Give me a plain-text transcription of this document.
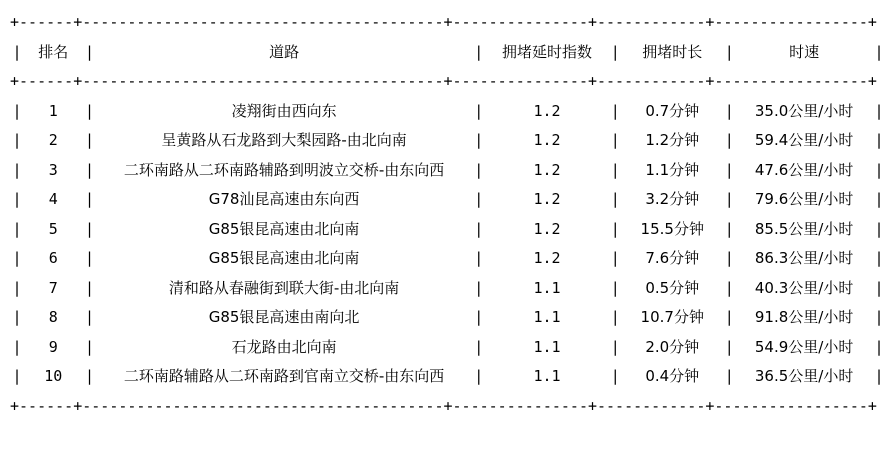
+------+----------------------------------------+---------------+------------+-----------------+
|	排名	|	道路	|	拥堵延时指数	|	拥堵时长	|	时速	|
+------+----------------------------------------+---------------+------------+-----------------+
|	1	|	凌翔街由西向东	|	1.2	|	0.7分钟	|	35.0公里/小时	|
|	2	|	呈黄路从石龙路到大梨园路-由北向南	|	1.2	|	1.2分钟	|	59.4公里/小时	|
|	3	|	二环南路从二环南路辅路到明波立交桥-由东向西	|	1.2	|	1.1分钟	|	47.6公里/小时	|
|	4	|	G78汕昆高速由东向西	|	1.2	|	3.2分钟	|	79.6公里/小时	|
|	5	|	G85银昆高速由北向南	|	1.2	|	15.5分钟	|	85.5公里/小时	|
|	6	|	G85银昆高速由北向南	|	1.2	|	7.6分钟	|	86.3公里/小时	|
|	7	|	清和路从春融街到联大街-由北向南	|	1.1	|	0.5分钟	|	40.3公里/小时	|
|	8	|	G85银昆高速由南向北	|	1.1	|	10.7分钟	|	91.8公里/小时	|
|	9	|	石龙路由北向南	|	1.1	|	2.0分钟	|	54.9公里/小时	|
|	10	|	二环南路辅路从二环南路到官南立交桥-由东向西	|	1.1	|	0.4分钟	|	36.5公里/小时	|
+------+----------------------------------------+---------------+------------+-----------------+
